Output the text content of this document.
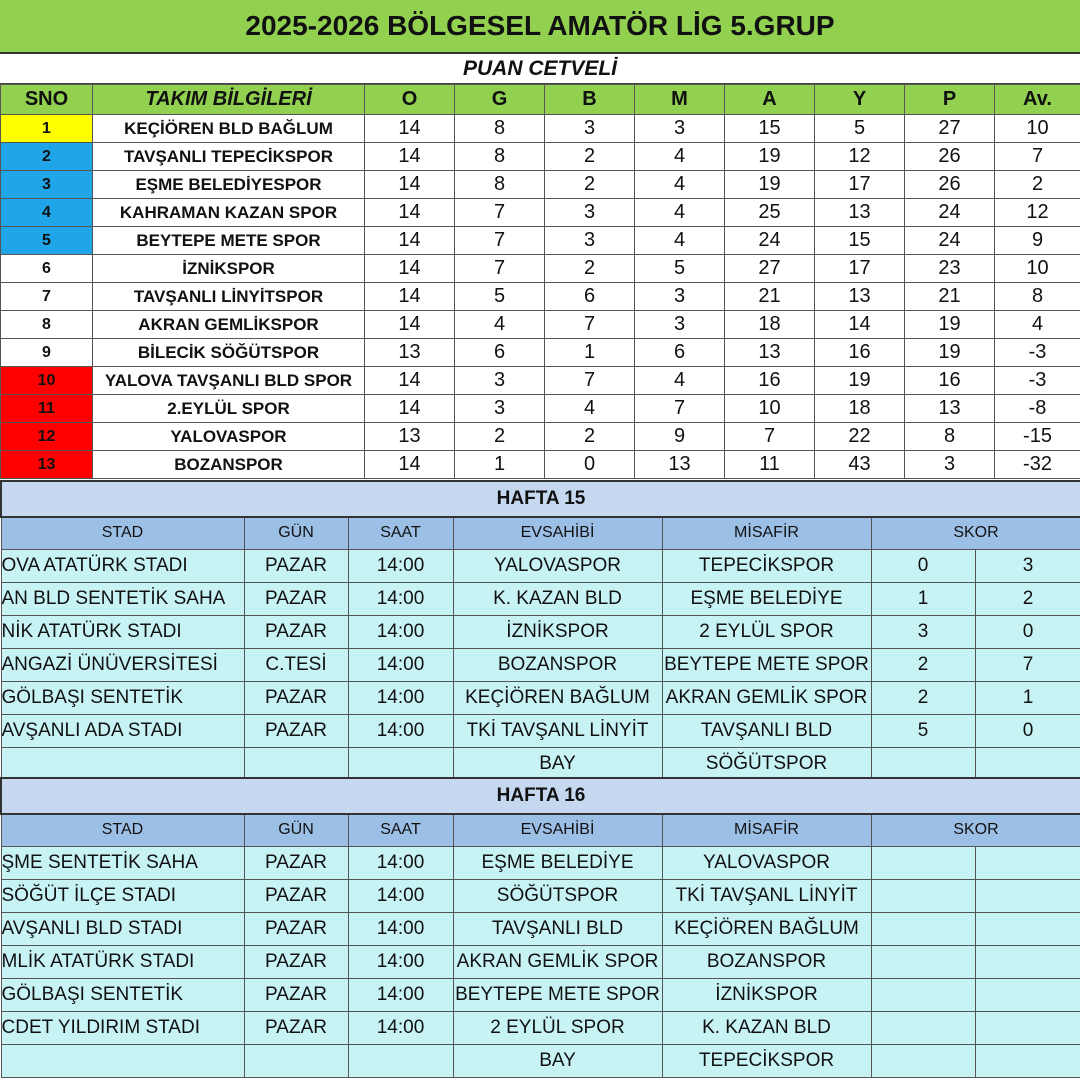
2025-2026 BÖLGESEL AMATÖR LİG 5.GRUP
PUAN CETVELİ
SNO	TAKIM BİLGİLERİ	O	G	B	M	A	Y	P	Av.
1	KEÇİÖREN BLD BAĞLUM	14	8	3	3	15	5	27	10
2	TAVŞANLI TEPECİKSPOR	14	8	2	4	19	12	26	7
3	EŞME BELEDİYESPOR	14	8	2	4	19	17	26	2
4	KAHRAMAN KAZAN SPOR	14	7	3	4	25	13	24	12
5	BEYTEPE METE SPOR	14	7	3	4	24	15	24	9
6	İZNİKSPOR	14	7	2	5	27	17	23	10
7	TAVŞANLI LİNYİTSPOR	14	5	6	3	21	13	21	8
8	AKRAN GEMLİKSPOR	14	4	7	3	18	14	19	4
9	BİLECİK SÖĞÜTSPOR	13	6	1	6	13	16	19	-3
10	YALOVA TAVŞANLI BLD SPOR	14	3	7	4	16	19	16	-3
11	2.EYLÜL SPOR	14	3	4	7	10	18	13	-8
12	YALOVASPOR	13	2	2	9	7	22	8	-15
13	BOZANSPOR	14	1	0	13	11	43	3	-32
HAFTA 15						
STAD	GÜN	SAAT	EVSAHİBİ	MİSAFİR	SKOR	
OVA ATATÜRK STADI	PAZAR	14:00	YALOVASPOR	TEPECİKSPOR	0	3
AN BLD SENTETİK SAHA	PAZAR	14:00	K. KAZAN BLD	EŞME BELEDİYE	1	2
NİK ATATÜRK STADI	PAZAR	14:00	İZNİKSPOR	2 EYLÜL SPOR	3	0
ANGAZİ ÜNÜVERSİTESİ	C.TESİ	14:00	BOZANSPOR	BEYTEPE METE SPOR	2	7
GÖLBAŞI SENTETİK	PAZAR	14:00	KEÇİÖREN BAĞLUM	AKRAN GEMLİK SPOR	2	1
AVŞANLI ADA STADI	PAZAR	14:00	TKİ TAVŞANL LİNYİT	TAVŞANLI BLD	5	0
			BAY	SÖĞÜTSPOR		
HAFTA 16						
STAD	GÜN	SAAT	EVSAHİBİ	MİSAFİR	SKOR	
ŞME SENTETİK SAHA	PAZAR	14:00	EŞME BELEDİYE	YALOVASPOR		
SÖĞÜT İLÇE STADI	PAZAR	14:00	SÖĞÜTSPOR	TKİ TAVŞANL LİNYİT		
AVŞANLI BLD STADI	PAZAR	14:00	TAVŞANLI BLD	KEÇİÖREN BAĞLUM		
MLİK ATATÜRK STADI	PAZAR	14:00	AKRAN GEMLİK SPOR	BOZANSPOR		
GÖLBAŞI SENTETİK	PAZAR	14:00	BEYTEPE METE SPOR	İZNİKSPOR		
CDET YILDIRIM STADI	PAZAR	14:00	2 EYLÜL SPOR	K. KAZAN BLD		
			BAY	TEPECİKSPOR		
